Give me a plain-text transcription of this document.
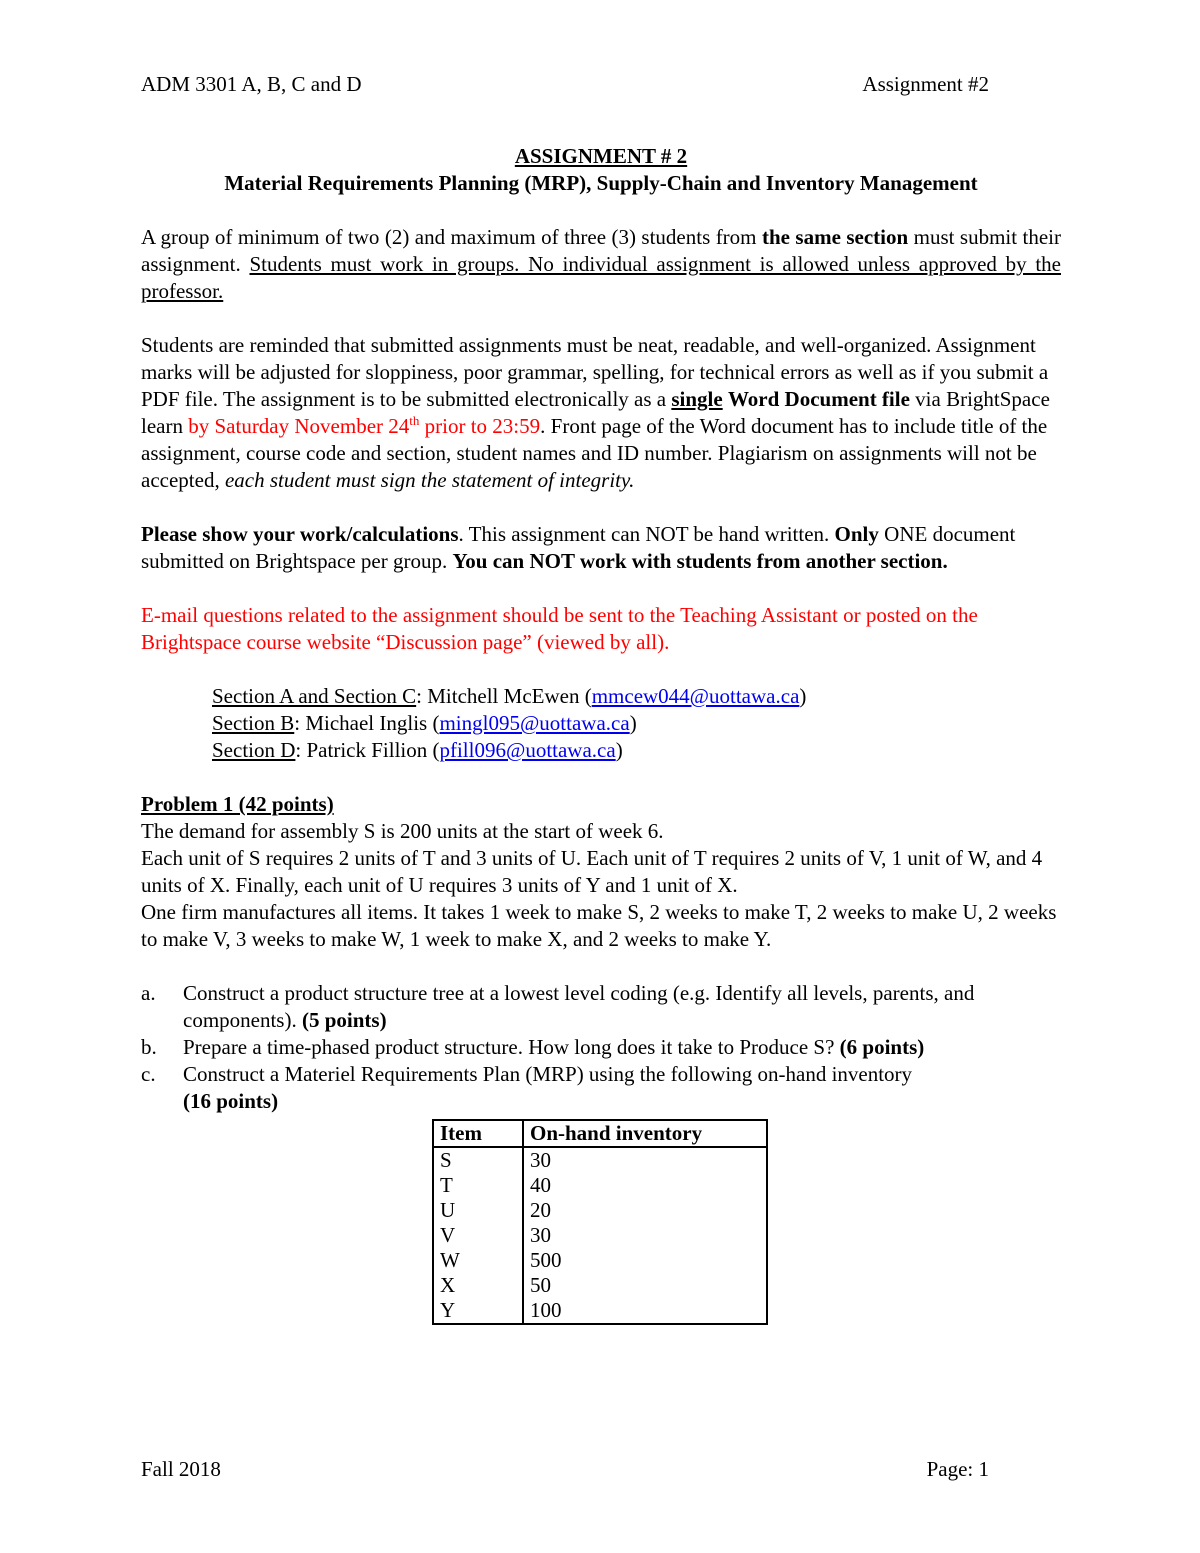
ADM 3301 A, B, C and D	Assignment #2

ASSIGNMENT # 2

Material Requirements Planning (MRP), Supply-Chain and Inventory Management

A group of minimum of two (2) and maximum of three (3) students from the same section must submit their assignment. Students must work in groups. No individual assignment is allowed unless approved by the professor.

Students are reminded that submitted assignments must be neat, readable, and well-organized. Assignment marks will be adjusted for sloppiness, poor grammar, spelling, for technical errors as well as if you submit a PDF file. The assignment is to be submitted electronically as a single Word Document file via BrightSpace learn by Saturday November 24th prior to 23:59. Front page of the Word document has to include title of the assignment, course code and section, student names and ID number. Plagiarism on assignments will not be accepted, each student must sign the statement of integrity.

Please show your work/calculations. This assignment can NOT be hand written. Only ONE document submitted on Brightspace per group. You can NOT work with students from another section.

E-mail questions related to the assignment should be sent to the Teaching Assistant or posted on the Brightspace course website “Discussion page” (viewed by all).

Section A and Section C: Mitchell McEwen (mmcew044@uottawa.ca)

Section B: Michael Inglis (mingl095@uottawa.ca)

Section D: Patrick Fillion (pfill096@uottawa.ca)

Problem 1 (42 points)

The demand for assembly S is 200 units at the start of week 6.

Each unit of S requires 2 units of T and 3 units of U. Each unit of T requires 2 units of V, 1 unit of W, and 4 units of X. Finally, each unit of U requires 3 units of Y and 1 unit of X.

One firm manufactures all items. It takes 1 week to make S, 2 weeks to make T, 2 weeks to make U, 2 weeks to make V, 3 weeks to make W, 1 week to make X, and 2 weeks to make Y.

a.	Construct a product structure tree at a lowest level coding (e.g. Identify all levels, parents, and components). (5 points)
b.	Prepare a time-phased product structure. How long does it take to Produce S? (6 points)
c.	Construct a Materiel Requirements Plan (MRP) using the following on-hand inventory
(16 points)
Item	On-hand inventory
S	30
T	40
U	20
V	30
W	500
X	50
Y	100
Fall 2018	Page: 1
